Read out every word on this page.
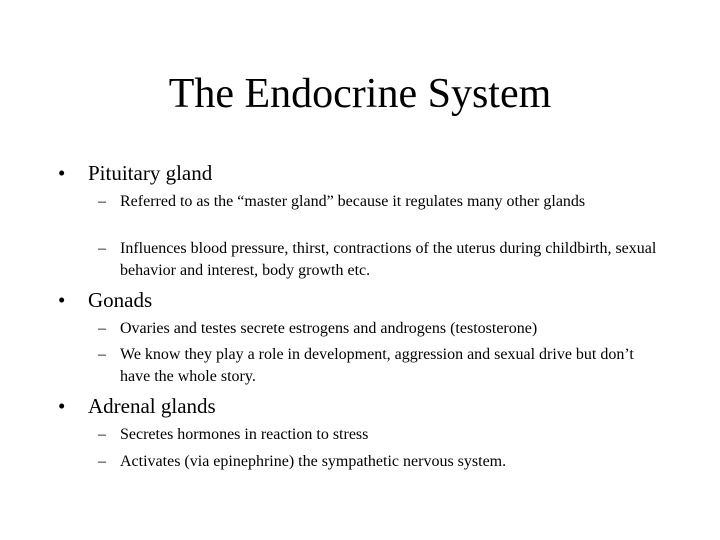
The Endocrine System
• Pituitary gland
– Referred to as the “master gland” because it regulates many other glands
– Influences blood pressure, thirst, contractions of the uterus during childbirth, sexual behavior and interest, body growth etc.
• Gonads
– Ovaries and testes secrete estrogens and androgens (testosterone)
– We know they play a role in development, aggression and sexual drive but don’t have the whole story.
• Adrenal glands
– Secretes hormones in reaction to stress
– Activates (via epinephrine) the sympathetic nervous system.
